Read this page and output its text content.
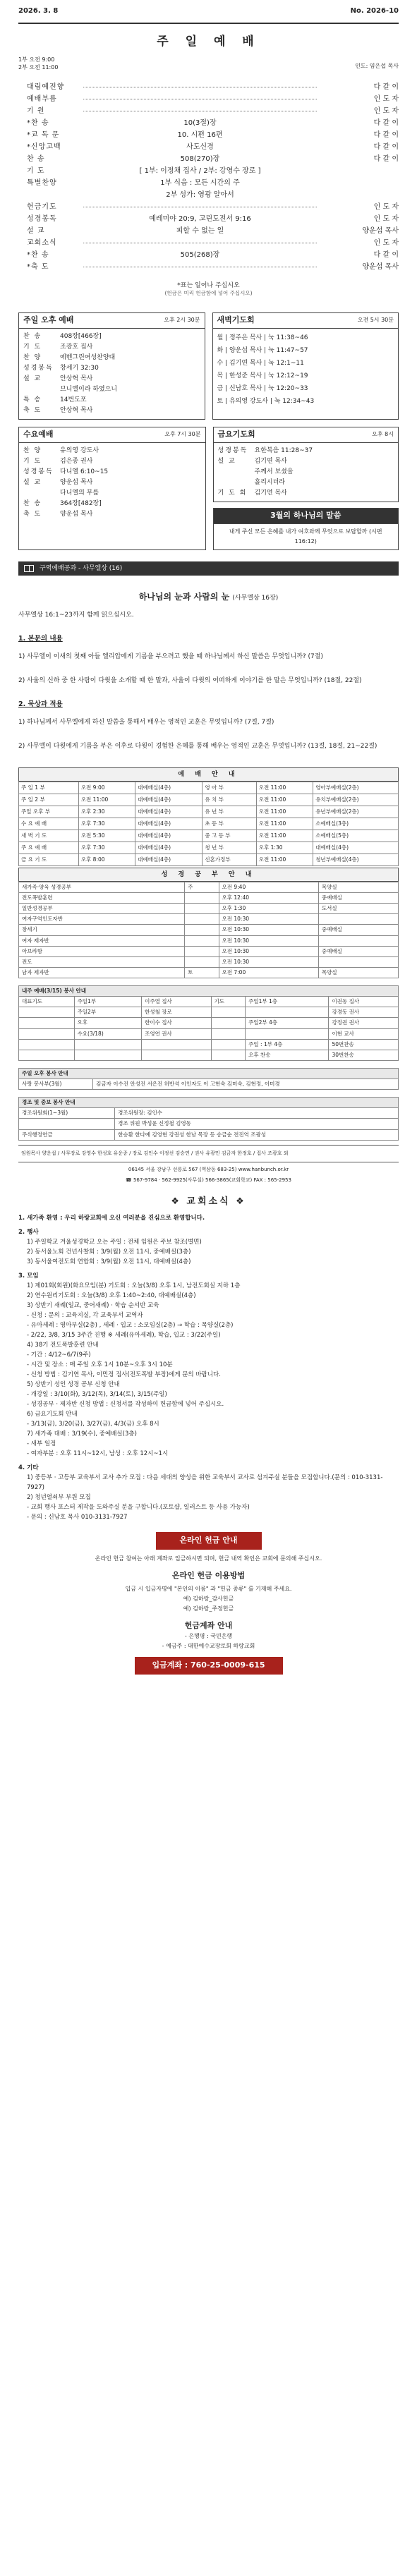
2026. 3. 8	No. 2026-10
주 일 예 배
1부 오전 9:00
2부 오전 11:00	인도: 임은섭 목사
대림예전향	다 같 이
예배부름	인 도 자
기 원	인 도 자
*찬 송	10(3절)장	다 같 이
*교 독 문	10. 시편 16편	다 같 이
*신앙고백	사도신경	다 같 이
찬 송	508(270)장	다 같 이
기 도	[ 1부: 이정채 집사 / 2부: 강영수 장로 ]
특별찬양	1부 식음 : 모든 시간의 주
2부 성가: 영광 알아서
헌금기도	인 도 자
성경봉독	예레미야 20:9, 고린도전서 9:16	인 도 자
설 교	피할 수 없는 일	양운섭 목사
교회소식	인 도 자
*찬 송	505(268)장	다 같 이
*축 도	양운섭 목사
*표는 일어나 주십시오
(헌금은 미리 헌금함에 넣어 주십시오)
주일 오후 예배	오후 2시 30분
찬 송	408장[466장]
기 도	조광호 집사
찬 양	에벤그린여성찬양대
성경봉독	창세기 32:30
설 교	안상혁 목사
브니엘이라 하였으니
특 송	14번도포
축 도	안상혁 목사
새벽기도회	오전 5시 30분
월 | 정주은 목사 | 눅 11:38~46
화 | 양운섭 목사 | 눅 11:47~57
수 | 김기연 목사 | 눅 12:1~11
목 | 한성준 목사 | 눅 12:12~19
금 | 신남호 목사 | 눅 12:20~33
토 | 유의영 강도사 | 눅 12:34~43
수요예배	오후 7시 30분
찬 양	유의영 강도사
기 도	김은종 권사
성경봉독	다니엘 6:10~15
설 교	양운섭 목사
다니엘의 무릎
찬 송	364장[482장]
축 도	양운섭 목사
금요기도회	오후 8시
성경봉독	요한복음 11:28~37
설 교	김기연 목사
주께서 보셨을
흘리시더라
기 도 회	김기연 목사
3월의 하나님의 말씀
내게 주신 모든 은혜를 내가 여호와께 무엇으로 보답할까 (시편 116:12)
구역예배공과 - 사무엘상 (16)
하나님의 눈과 사람의 눈 (사무엘상 16장)
사무엘상 16:1~23까지 함께 읽으십시오.
1. 본문의 내용
1) 사무엘이 이새의 첫째 아들 엘리압에게 기름을 부으려고 했을 때 하나님께서 하신 말씀은 무엇입니까? (7절)
2) 사울의 신하 중 한 사람이 다윗을 소개할 때 한 말과, 사울이 다윗의 어떠하게 이야기를 한 말은 무엇입니까? (18절, 22절)
2. 묵상과 적용
1) 하나님께서 사무엘에게 하신 말씀을 통해서 배우는 영적인 교훈은 무엇입니까? (7절, 7절)
2) 사무엘이 다윗에게 기름을 부은 이후로 다윗이 경험한 은혜를 통해 배우는 영적인 교훈은 무엇입니까? (13절, 18절, 21~22절)
예 배 안 내
주 일 1 부	오전 9:00	대예배실(4층)	영 아 부	오전 11:00	영아부예배실(2층)
주 일 2 부	오전 11:00	대예배실(4층)	유 치 부	오전 11:00	유치부예배실(2층)
주일 오후 부	오후 2:30	대예배실(4층)	유 년 부	오전 11:00	유년부예배실(2층)
수 요 예 배	오후 7:30	대예배실(4층)	초 등 부	오전 11:00	소예배실(3층)
새 벽 기 도	오전 5:30	대예배실(4층)	중 고 등 부	오전 11:00	소예배실(5층)
주 요 예 배	오후 7:30	대예배실(4층)	청 년 부	오후 1:30	대예배실(4층)
금 요 기 도	오후 8:00	대예배실(4층)	신혼가정부	오전 11:00	청년부예배실(4층)
성 경 공 부 안 내
새가족·양육 성경공부	주	오전 9:40	목양실
전도폭발훈련		오후 12:40	중예배실
일반성경공부		오후 1:30	도서실
여자구역인도자반		오전 10:30	
창세기		오전 10:30	중예배실
여자 제자반		오전 10:30	
아브라함		오전 10:30	중예배실
전도		오전 10:30	
남자 제자반	토	오전 7:00	목양실
내주 예배(3/15) 봉사 안내					
대표기도	주일1부	이주열 집사	기도	주일1부 1층	이권동 집사
	주일2부	한성철 장로			강경동 권사
	오후	한이수 집사		주일2부 4층	강정권 권사
	수요(3/18)	조영연 권사			이현 교사
				주일 : 1부 4층	50번찬송
				오후 찬송	30번찬송
주일 오후 봉사 안내
사랑 봉사부(3월)	김금자 이수진 안성진 서은진 허반석 이인자도 이 고현숙 김미숙, 김현정, 이미경
경조 및 중보 봉사 안내	
경조위원회(1~3월)	경조위원장: 김인수
	경조 위원 박성윤 신정철 김영동
주식행정연금	한승환 한다예 김영현 강권성 한남 목장 등 송금순 전진역 조광성
임원목사 양운섭 / 사무장로 강영수 한성호 유운종 / 장로 김인수 이정선 김승연 / 권사 유광민 김금자 한정호 / 집사 조광호 외
06145 서울 강남구 선릉로 567 (역삼동 683-25) www.hanbunch.or.kr
☎ 567-9784 · 562-9925(사무실) 566-3865(교회학교) FAX : 565-2953
❖ 교회소식 ❖
1. 새가족 환영 : 우리 하랑교회에 오신 여러분을 진심으로 환영합니다.
2. 행사
1) 주일학교 겨울성경학교 오는 주일 : 전체 임원은 주보 참조(별면)
2) 동서울노회 건넌사찰회 : 3/9(월) 오전 11시, 중예배실(3층)
3) 동서울여전도회 연합회 : 3/9(월) 오전 11시, 대예배실(4층)
3. 모임
1) 제01회(회원)(화요모임(분) 기도회 : 오늘(3/8) 오후 1시, 남전도회실 지하 1층
2) 연수원리기도회 : 오늘(3/8) 오후 1:40~2:40, 대예배실(4층)
3) 상반기 새례(일교, 중어새례) · 학습 순서반 교육
- 신청 : 문의 : 교육지실, 각 교육부서 교역자
- 유아세례 : 영아부실(2층) , 세례 · 입교 : 소모임실(2층) → 학습 : 목양실(2층)
- 2/22, 3/8, 3/15 3주간 진행 ※ 세례(유아세례), 학습, 입교 : 3/22(주일)
4) 38기 전도폭발훈련 안내
- 기간 : 4/12~6/7(9주)
- 시간 및 장소 : 매 주일 오후 1시 10분~오후 3시 10분
- 신청 방법 : 김기연 목사, 이민정 집사(전도폭발 부장)에게 문의 바랍니다.
5) 상반기 성인 성경 공부 신청 안내
- 개강일 : 3/10(화), 3/12(목), 3/14(토), 3/15(주일)
- 성경공부 · 제자반 신청 방법 : 신청서를 작성하여 헌금함에 넣어 주십시오.
6) 금요기도회 안내
- 3/13(금), 3/20(금), 3/27(금), 4/3(금) 오후 8시
7) 새가족 대배 : 3/19(수), 중예배실(3층)
- 새부 일정
- 여자부분 : 오후 11시~12시, 남성 : 오후 12시~1시
4. 기타
1) 중등부 · 고등부 교육부서 교사 추가 모집 : 다음 세대의 양성을 위한 교육부서 교사로 섬겨주실 분들을 모집합니다.(문의 : 010-3131-7927)
2) 청년열쇠부 부원 모집
- 교회 행사 포스터 제작을 도와주실 분을 구합니다.(포토샵, 일러스트 등 사용 가능자)
- 문의 : 신남호 목사 010-3131-7927
온라인 헌금 안내
온라인 헌금 참여는 아래 계좌로 입금하시면 되며, 헌금 내역 확인은 교회에 문의해 주십시오.
온라인 헌금 이용방법
입금 시 입금자명에 "본인의 이름" 과 "헌금 종류" 를 기재해 주세요.
예) 김하랑_감사헌금
예) 김하랑_주정헌금
헌금계좌 안내
- 은행명 : 국민은행
- 예금주 : 대한예수교장로회 하랑교회
입금계좌 : 760-25-0009-615
